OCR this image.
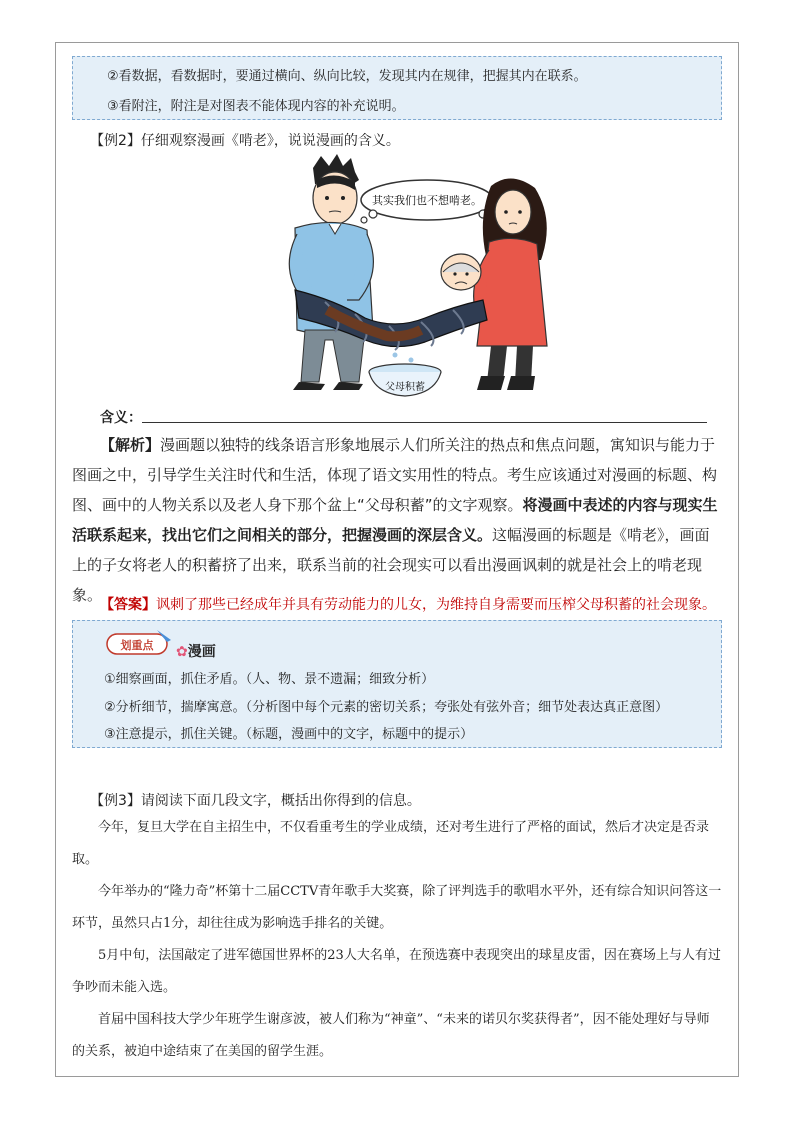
②看数据，看数据时，要通过横向、纵向比较，发现其内在规律，把握其内在联系。
③看附注，附注是对图表不能体现内容的补充说明。
【例2】仔细观察漫画《啃老》，说说漫画的含义。
其实我们也不想啃老。
父母积蓄
含义：

【解析】漫画题以独特的线条语言形象地展示人们所关注的热点和焦点问题，寓知识与能力于图画之中，引导学生关注时代和生活，体现了语文实用性的特点。考生应该通过对漫画的标题、构图、画中的人物关系以及老人身下那个盆上“父母积蓄”的文字观察。将漫画中表述的内容与现实生活联系起来，找出它们之间相关的部分，把握漫画的深层含义。这幅漫画的标题是《啃老》，画面上的子女将老人的积蓄挤了出来，联系当前的社会现实可以看出漫画讽刺的就是社会上的啃老现象。

【答案】讽刺了那些已经成年并具有劳动能力的儿女，为维持自身需要而压榨父母积蓄的社会现象。
划重点 ✿漫画
①细察画面，抓住矛盾。（人、物、景不遗漏；细致分析）
②分析细节，揣摩寓意。（分析图中每个元素的密切关系；夸张处有弦外音；细节处表达真正意图）
③注意提示，抓住关键。（标题，漫画中的文字，标题中的提示）
【例3】请阅读下面几段文字，概括出你得到的信息。

今年，复旦大学在自主招生中，不仅看重考生的学业成绩，还对考生进行了严格的面试，然后才决定是否录取。

今年举办的“隆力奇”杯第十二届CCTV青年歌手大奖赛，除了评判选手的歌唱水平外，还有综合知识问答这一环节，虽然只占1分，却往往成为影响选手排名的关键。

5月中旬，法国敲定了进军德国世界杯的23人大名单，在预选赛中表现突出的球星皮雷，因在赛场上与人有过争吵而未能入选。

首届中国科技大学少年班学生谢彦波，被人们称为“神童”、“未来的诺贝尔奖获得者”，因不能处理好与导师的关系，被迫中途结束了在美国的留学生涯。
